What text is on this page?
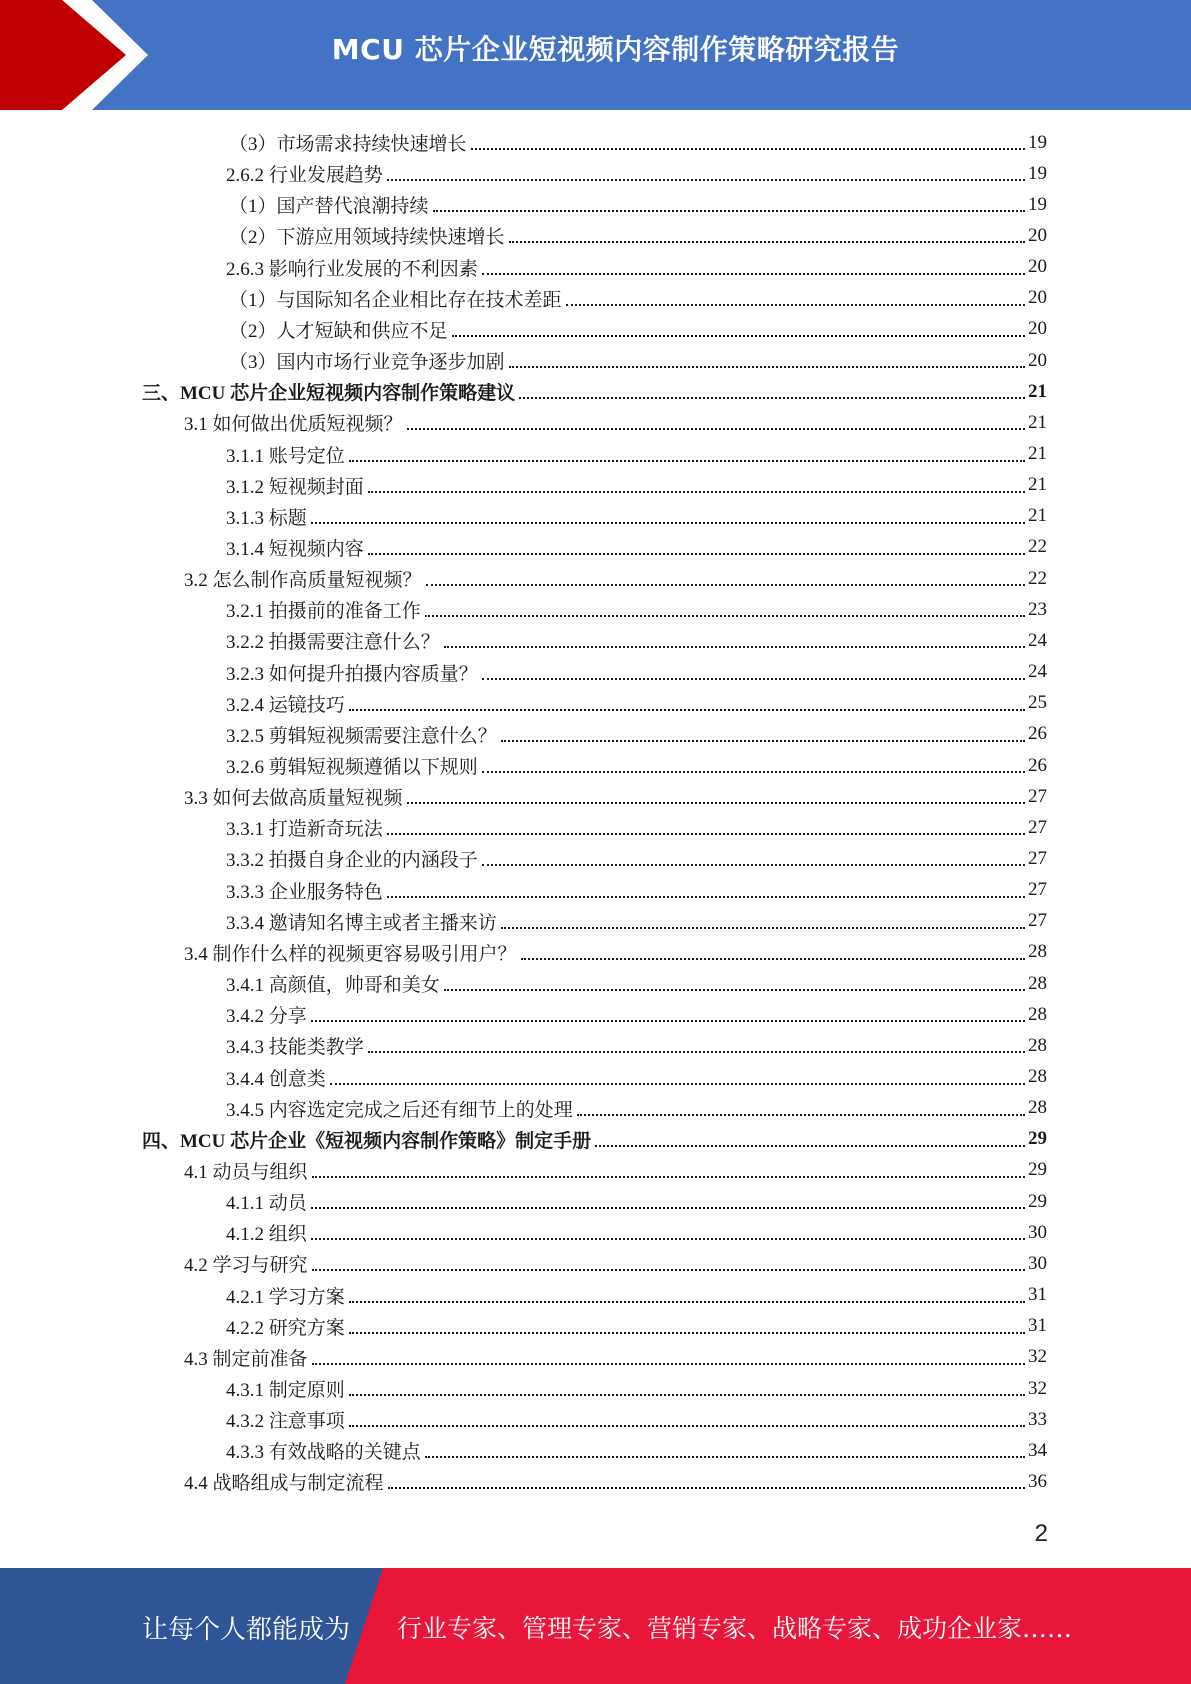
MCU 芯片企业短视频内容制作策略研究报告
（3）市场需求持续快速增长	19
2.6.2 行业发展趋势	19
（1）国产替代浪潮持续	19
（2）下游应用领域持续快速增长	20
2.6.3 影响行业发展的不利因素	20
（1）与国际知名企业相比存在技术差距	20
（2）人才短缺和供应不足	20
（3）国内市场行业竞争逐步加剧	20
三、MCU 芯片企业短视频内容制作策略建议	21
3.1 如何做出优质短视频？	21
3.1.1 账号定位	21
3.1.2 短视频封面	21
3.1.3 标题	21
3.1.4 短视频内容	22
3.2 怎么制作高质量短视频？	22
3.2.1 拍摄前的准备工作	23
3.2.2 拍摄需要注意什么？	24
3.2.3 如何提升拍摄内容质量？	24
3.2.4 运镜技巧	25
3.2.5 剪辑短视频需要注意什么？	26
3.2.6 剪辑短视频遵循以下规则	26
3.3 如何去做高质量短视频	27
3.3.1 打造新奇玩法	27
3.3.2 拍摄自身企业的内涵段子	27
3.3.3 企业服务特色	27
3.3.4 邀请知名博主或者主播来访	27
3.4 制作什么样的视频更容易吸引用户？	28
3.4.1 高颜值，帅哥和美女	28
3.4.2 分享	28
3.4.3 技能类教学	28
3.4.4 创意类	28
3.4.5 内容选定完成之后还有细节上的处理	28
四、MCU 芯片企业《短视频内容制作策略》制定手册	29
4.1 动员与组织	29
4.1.1 动员	29
4.1.2 组织	30
4.2 学习与研究	30
4.2.1 学习方案	31
4.2.2 研究方案	31
4.3 制定前准备	32
4.3.1 制定原则	32
4.3.2 注意事项	33
4.3.3 有效战略的关键点	34
4.4 战略组成与制定流程	36
2
让每个人都能成为 行业专家、管理专家、营销专家、战略专家、成功企业家……
